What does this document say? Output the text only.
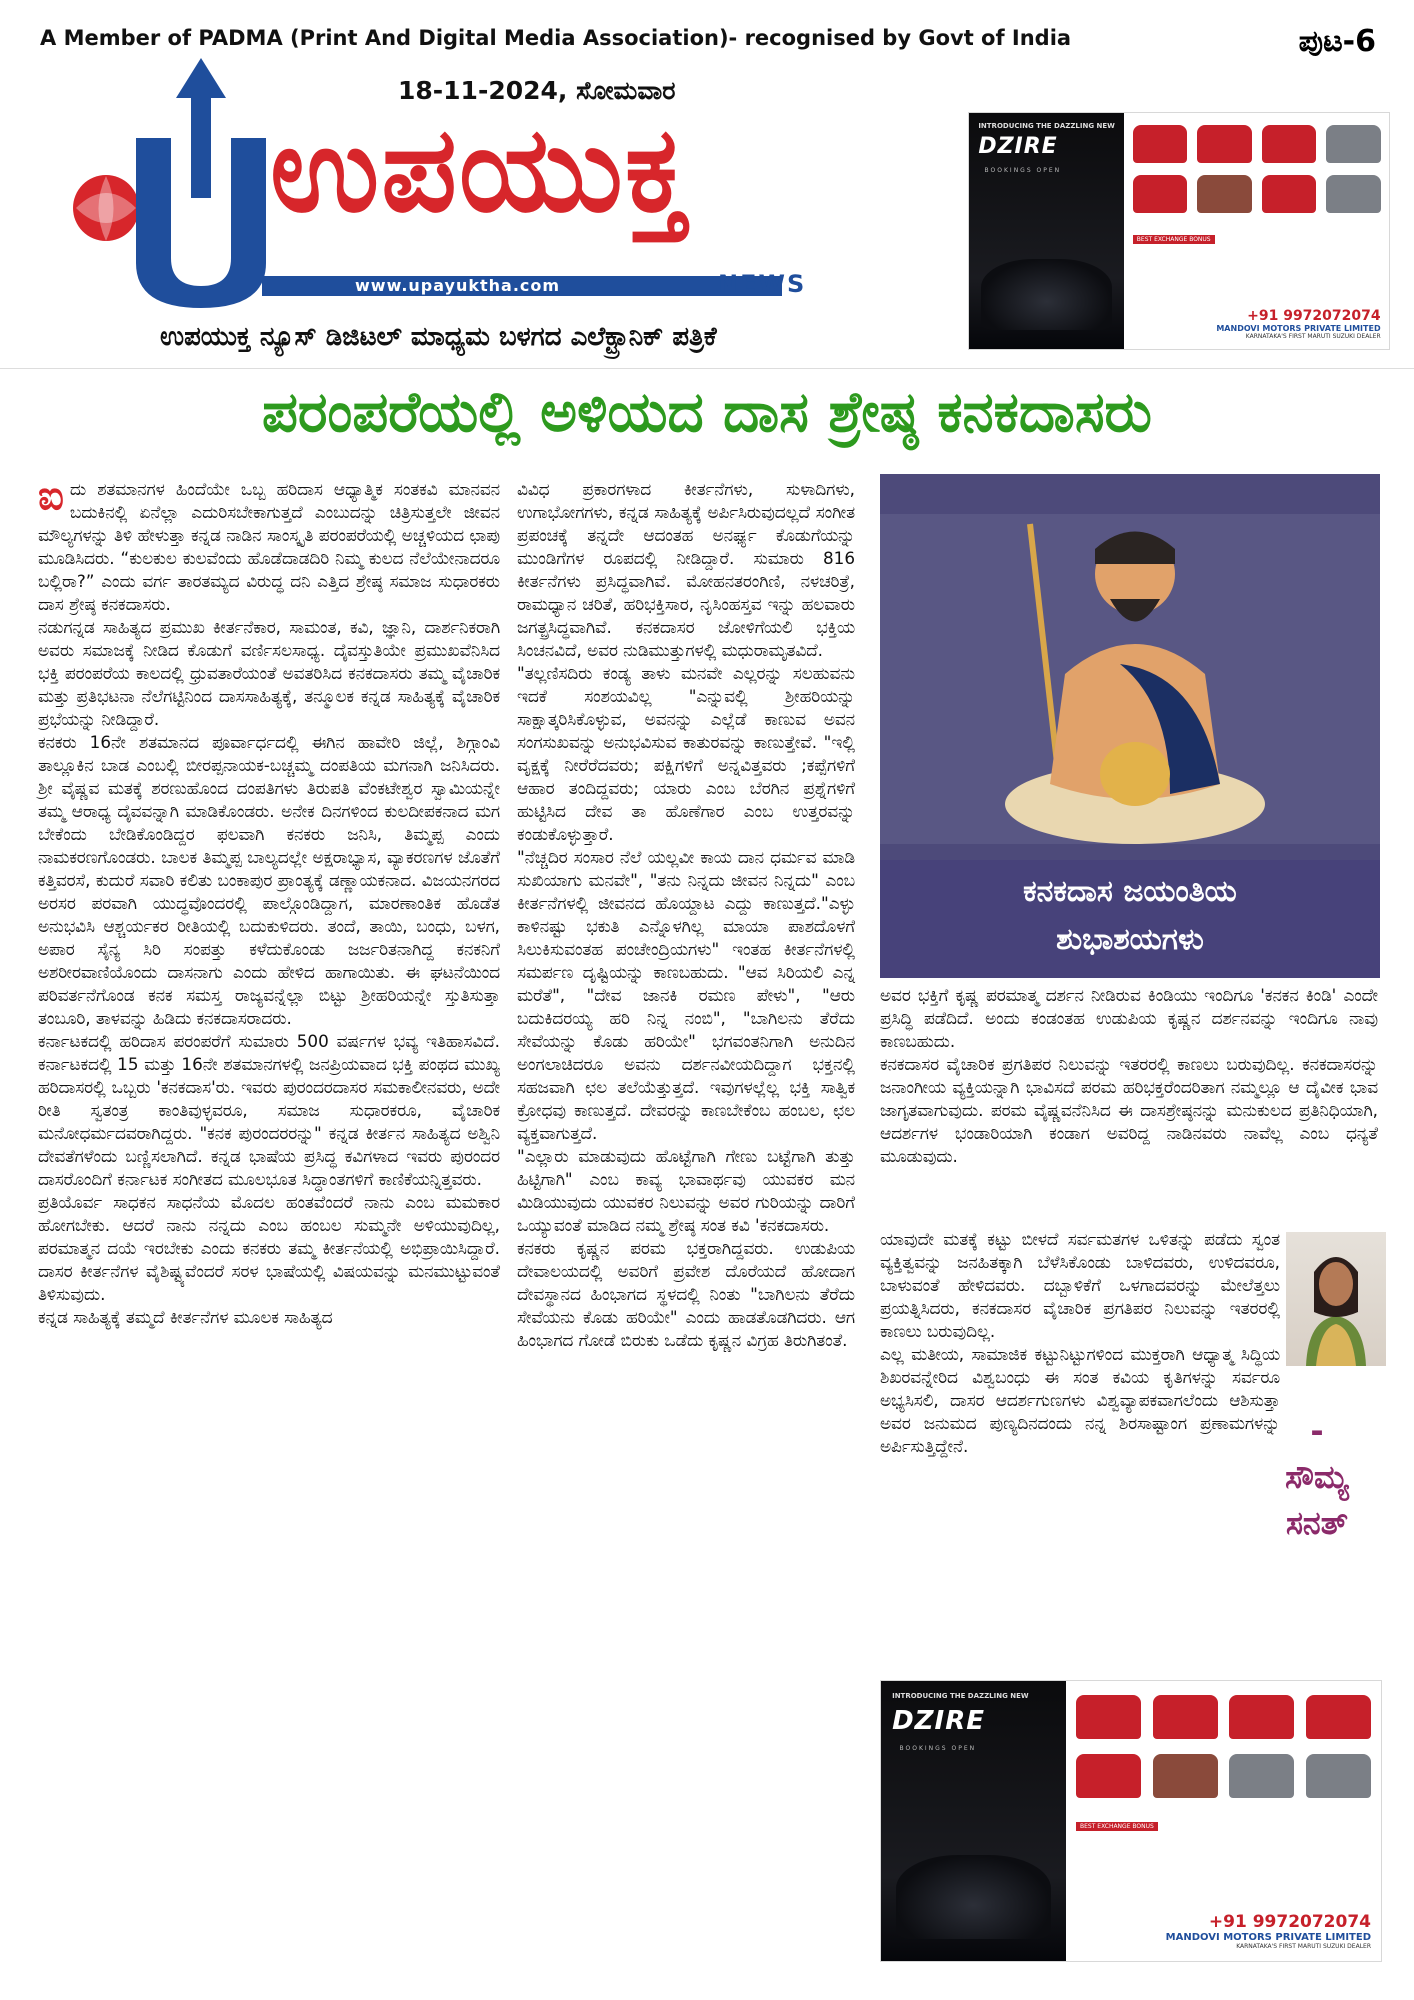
A Member of PADMA (Print And Digital Media Association)- recognised by Govt of India	ಪುಟ-6
18-11-2024, ಸೋಮವಾರ
ಉಪಯುಕ್ತ
www.upayuktha.com	NEWS
ಉಪಯುಕ್ತ ನ್ಯೂಸ್ ಡಿಜಿಟಲ್ ಮಾಧ್ಯಮ ಬಳಗದ ಎಲೆಕ್ಟ್ರಾನಿಕ್ ಪತ್ರಿಕೆ
INTRODUCING THE DAZZLING NEW
DZIRE
BOOKINGS OPEN
BEST EXCHANGE BONUS
+91 9972072074
MANDOVI MOTORS PRIVATE LIMITED
KARNATAKA'S FIRST MARUTI SUZUKI DEALER
ಪರಂಪರೆಯಲ್ಲಿ ಅಳಿಯದ ದಾಸ ಶ್ರೇಷ್ಠ ಕನಕದಾಸರು

ಐದು ಶತಮಾನಗಳ ಹಿಂದೆಯೇ ಒಬ್ಬ ಹರಿದಾಸ ಆಧ್ಯಾತ್ಮಿಕ ಸಂತಕವಿ ಮಾನವನ ಬದುಕಿನಲ್ಲಿ ಏನೆಲ್ಲಾ ಎದುರಿಸಬೇಕಾಗುತ್ತದೆ ಎಂಬುದನ್ನು ಚಿತ್ರಿಸುತ್ತಲೇ ಜೀವನ ಮೌಲ್ಯಗಳನ್ನು ತಿಳಿ ಹೇಳುತ್ತಾ ಕನ್ನಡ ನಾಡಿನ ಸಾಂಸ್ಕೃತಿ ಪರಂಪರೆಯಲ್ಲಿ ಅಚ್ಚಳಿಯದ ಛಾಪು ಮೂಡಿಸಿದರು. “ಕುಲಕುಲ ಕುಲವೆಂದು ಹೊಡೆದಾಡದಿರಿ ನಿಮ್ಮ ಕುಲದ ನೆಲೆಯೇನಾದರೂ ಬಲ್ಲಿರಾ?” ಎಂದು ವರ್ಗ ತಾರತಮ್ಯದ ವಿರುದ್ಧ ದನಿ ಎತ್ತಿದ ಶ್ರೇಷ್ಠ ಸಮಾಜ ಸುಧಾರಕರು ದಾಸ ಶ್ರೇಷ್ಠ ಕನಕದಾಸರು.

ನಡುಗನ್ನಡ ಸಾಹಿತ್ಯದ ಪ್ರಮುಖ ಕೀರ್ತನೆಕಾರ, ಸಾಮಂತ, ಕವಿ, ಜ್ಞಾನಿ, ದಾರ್ಶನಿಕರಾಗಿ ಅವರು ಸಮಾಜಕ್ಕೆ ನೀಡಿದ ಕೊಡುಗೆ ವರ್ಣಿಸಲಸಾಧ್ಯ. ದೈವಸ್ತುತಿಯೇ ಪ್ರಮುಖವೆನಿಸಿದ ಭಕ್ತಿ ಪರಂಪರೆಯ ಕಾಲದಲ್ಲಿ ಧ್ರುವತಾರೆಯಂತೆ ಅವತರಿಸಿದ ಕನಕದಾಸರು ತಮ್ಮ ವೈಚಾರಿಕ ಮತ್ತು ಪ್ರತಿಭಟನಾ ನೆಲೆಗಟ್ಟಿನಿಂದ ದಾಸಸಾಹಿತ್ಯಕ್ಕೆ, ತನ್ಮೂಲಕ ಕನ್ನಡ ಸಾಹಿತ್ಯಕ್ಕೆ ವೈಚಾರಿಕ ಪ್ರಭೆಯನ್ನು ನೀಡಿದ್ದಾರೆ.

ಕನಕರು 16ನೇ ಶತಮಾನದ ಪೂರ್ವಾರ್ಧದಲ್ಲಿ ಈಗಿನ ಹಾವೇರಿ ಜಿಲ್ಲೆ, ಶಿಗ್ಗಾಂವಿ ತಾಲ್ಲೂಕಿನ ಬಾಡ ಎಂಬಲ್ಲಿ ಬೀರಪ್ಪನಾಯಕ-ಬಚ್ಚಮ್ಮ ದಂಪತಿಯ ಮಗನಾಗಿ ಜನಿಸಿದರು. ಶ್ರೀ ವೈಷ್ಣವ ಮತಕ್ಕೆ ಶರಣುಹೊಂದ ದಂಪತಿಗಳು ತಿರುಪತಿ ವೆಂಕಟೇಶ್ವರ ಸ್ವಾಮಿಯನ್ನೇ ತಮ್ಮ ಆರಾಧ್ಯ ದೈವವನ್ನಾಗಿ ಮಾಡಿಕೊಂಡರು. ಅನೇಕ ದಿನಗಳಿಂದ ಕುಲದೀಪಕನಾದ ಮಗ ಬೇಕೆಂದು ಬೇಡಿಕೊಂಡಿದ್ದರ ಫಲವಾಗಿ ಕನಕರು ಜನಿಸಿ, ತಿಮ್ಮಪ್ಪ ಎಂದು ನಾಮಕರಣಗೊಂಡರು. ಬಾಲಕ ತಿಮ್ಮಪ್ಪ ಬಾಲ್ಯದಲ್ಲೇ ಅಕ್ಷರಾಭ್ಯಾಸ, ವ್ಯಾಕರಣಗಳ ಜೊತೆಗೆ ಕತ್ತಿವರಸೆ, ಕುದುರೆ ಸವಾರಿ ಕಲಿತು ಬಂಕಾಪುರ ಪ್ರಾಂತ್ಯಕ್ಕೆ ಡಣ್ಣಾಯಕನಾದ. ವಿಜಯನಗರದ ಅರಸರ ಪರವಾಗಿ ಯುದ್ಧವೊಂದರಲ್ಲಿ ಪಾಲ್ಗೊಂಡಿದ್ದಾಗ, ಮಾರಣಾಂತಿಕ ಹೊಡೆತ ಅನುಭವಿಸಿ ಆಶ್ಚರ್ಯಕರ ರೀತಿಯಲ್ಲಿ ಬದುಕುಳಿದರು. ತಂದೆ, ತಾಯಿ, ಬಂಧು, ಬಳಗ, ಅಪಾರ ಸೈನ್ಯ ಸಿರಿ ಸಂಪತ್ತು ಕಳೆದುಕೊಂಡು ಜರ್ಜರಿತನಾಗಿದ್ದ ಕನಕನಿಗೆ ಅಶರೀರವಾಣಿಯೊಂದು ದಾಸನಾಗು ಎಂದು ಹೇಳಿದ ಹಾಗಾಯಿತು. ಈ ಘಟನೆಯಿಂದ ಪರಿವರ್ತನೆಗೊಂಡ ಕನಕ ಸಮಸ್ತ ರಾಜ್ಯವನ್ನೆಲ್ಲಾ ಬಿಟ್ಟು ಶ್ರೀಹರಿಯನ್ನೇ ಸ್ತುತಿಸುತ್ತಾ ತಂಬೂರಿ, ತಾಳವನ್ನು ಹಿಡಿದು ಕನಕದಾಸರಾದರು.

ಕರ್ನಾಟಕದಲ್ಲಿ ಹರಿದಾಸ ಪರಂಪರೆಗೆ ಸುಮಾರು 500 ವರ್ಷಗಳ ಭವ್ಯ ಇತಿಹಾಸವಿದೆ. ಕರ್ನಾಟಕದಲ್ಲಿ 15 ಮತ್ತು 16ನೇ ಶತಮಾನಗಳಲ್ಲಿ ಜನಪ್ರಿಯವಾದ ಭಕ್ತಿ ಪಂಥದ ಮುಖ್ಯ ಹರಿದಾಸರಲ್ಲಿ ಒಬ್ಬರು 'ಕನಕದಾಸ'ರು. ಇವರು ಪುರಂದರದಾಸರ ಸಮಕಾಲೀನವರು, ಅದೇ ರೀತಿ ಸ್ವತಂತ್ರ ಕಾಂತಿವುಳ್ಳವರೂ, ಸಮಾಜ ಸುಧಾರಕರೂ, ವೈಚಾರಿಕ ಮನೋಧರ್ಮದವರಾಗಿದ್ದರು. "ಕನಕ ಪುರಂದರರನ್ನು" ಕನ್ನಡ ಕೀರ್ತನ ಸಾಹಿತ್ಯದ ಅಶ್ವಿನಿ ದೇವತೆಗಳೆಂದು ಬಣ್ಣಿಸಲಾಗಿದೆ. ಕನ್ನಡ ಭಾಷೆಯ ಪ್ರಸಿದ್ಧ ಕವಿಗಳಾದ ಇವರು ಪುರಂದರ ದಾಸರೊಂದಿಗೆ ಕರ್ನಾಟಕ ಸಂಗೀತದ ಮೂಲಭೂತ ಸಿದ್ಧಾಂತಗಳಿಗೆ ಕಾಣಿಕೆಯನ್ನಿತ್ತವರು.

ಪ್ರತಿಯೊರ್ವ ಸಾಧಕನ ಸಾಧನೆಯ ಮೊದಲ ಹಂತವೆಂದರೆ ನಾನು ಎಂಬ ಮಮಕಾರ ಹೋಗಬೇಕು. ಆದರೆ ನಾನು ನನ್ನದು ಎಂಬ ಹಂಬಲ ಸುಮ್ಮನೇ ಅಳಿಯುವುದಿಲ್ಲ, ಪರಮಾತ್ಮನ ದಯೆ ಇರಬೇಕು ಎಂದು ಕನಕರು ತಮ್ಮ ಕೀರ್ತನೆಯಲ್ಲಿ ಅಭಿಪ್ರಾಯಿಸಿದ್ದಾರೆ. ದಾಸರ ಕೀರ್ತನೆಗಳ ವೈಶಿಷ್ಟ್ಯವೆಂದರೆ ಸರಳ ಭಾಷೆಯಲ್ಲಿ ವಿಷಯವನ್ನು ಮನಮುಟ್ಟುವಂತೆ ತಿಳಿಸುವುದು.

ಕನ್ನಡ ಸಾಹಿತ್ಯಕ್ಕೆ ತಮ್ಮದೆ ಕೀರ್ತನೆಗಳ ಮೂಲಕ ಸಾಹಿತ್ಯದ

ವಿವಿಧ ಪ್ರಕಾರಗಳಾದ ಕೀರ್ತನೆಗಳು, ಸುಳಾದಿಗಳು, ಉಗಾಭೋಗಗಳು, ಕನ್ನಡ ಸಾಹಿತ್ಯಕ್ಕೆ ಅರ್ಪಿಸಿರುವುದಲ್ಲದೆ ಸಂಗೀತ ಪ್ರಪಂಚಕ್ಕೆ ತನ್ನದೇ ಆದಂತಹ ಅನರ್ಘ್ಯ ಕೊಡುಗೆಯನ್ನು ಮುಂಡಿಗೆಗಳ ರೂಪದಲ್ಲಿ ನೀಡಿದ್ದಾರೆ. ಸುಮಾರು 816 ಕೀರ್ತನೆಗಳು ಪ್ರಸಿದ್ಧವಾಗಿವೆ. ಮೋಹನತರಂಗಿಣಿ, ನಳಚರಿತ್ರೆ, ರಾಮಧ್ಯಾನ ಚರಿತೆ, ಹರಿಭಕ್ತಿಸಾರ, ನೃಸಿಂಹಸ್ತವ ಇನ್ನು ಹಲವಾರು ಜಗತ್ಪ್ರಸಿದ್ಧವಾಗಿವೆ. ಕನಕದಾಸರ ಜೋಳಿಗೆಯಲಿ ಭಕ್ತಿಯ ಸಿಂಚನವಿದೆ, ಅವರ ನುಡಿಮುತ್ತುಗಳಲ್ಲಿ ಮಧುರಾಮೃತವಿದೆ.

"ತಲ್ಲಣಿಸದಿರು ಕಂಡ್ಯ ತಾಳು ಮನವೇ ಎಲ್ಲರನ್ನು ಸಲಹುವನು ಇದಕೆ ಸಂಶಯವಿಲ್ಲ "ಎನ್ನುವಲ್ಲಿ ಶ್ರೀಹರಿಯನ್ನು ಸಾಕ್ಷಾತ್ಕರಿಸಿಕೊಳ್ಳುವ, ಅವನನ್ನು ಎಲ್ಲೆಡೆ ಕಾಣುವ ಅವನ ಸಂಗಸುಖವನ್ನು ಅನುಭವಿಸುವ ಕಾತುರವನ್ನು ಕಾಣುತ್ತೇವೆ. "ಇಲ್ಲಿ ವೃಕ್ಷಕ್ಕೆ ನೀರೆರೆದವರು; ಪಕ್ಷಿಗಳಿಗೆ ಅನ್ನವಿತ್ತವರು ;ಕಪ್ಪೆಗಳಿಗೆ ಆಹಾರ ತಂದಿದ್ದವರು; ಯಾರು ಎಂಬ ಬೆರಗಿನ ಪ್ರಶ್ನೆಗಳಿಗೆ ಹುಟ್ಟಿಸಿದ ದೇವ ತಾ ಹೊಣೆಗಾರ ಎಂಬ ಉತ್ತರವನ್ನು ಕಂಡುಕೊಳ್ಳುತ್ತಾರೆ.

"ನೆಚ್ಚದಿರ ಸಂಸಾರ ನೆಲೆ ಯಲ್ಲವೀ ಕಾಯ ದಾನ ಧರ್ಮವ ಮಾಡಿ ಸುಖಿಯಾಗು ಮನವೇ", "ತನು ನಿನ್ನದು ಜೀವನ ನಿನ್ನದು" ಎಂಬ ಕೀರ್ತನೆಗಳಲ್ಲಿ ಜೀವನದ ಹೊಯ್ದಾಟ ಎದ್ದು ಕಾಣುತ್ತದೆ."ಎಳ್ಳು ಕಾಳಿನಷ್ಟು ಭಕುತಿ ಎನ್ನೊಳಗಿಲ್ಲ ಮಾಯಾ ಪಾಶದೊಳಗೆ ಸಿಲುಕಿಸುವಂತಹ ಪಂಚೇಂದ್ರಿಯಗಳು" ಇಂತಹ ಕೀರ್ತನೆಗಳಲ್ಲಿ ಸಮರ್ಪಣ ದೃಷ್ಟಿಯನ್ನು ಕಾಣಬಹುದು. "ಆವ ಸಿರಿಯಲಿ ಎನ್ನ ಮರೆತೆ", "ದೇವ ಜಾನಕಿ ರಮಣ ಪೇಳು", "ಆರು ಬದುಕಿದರಯ್ಯ ಹರಿ ನಿನ್ನ ನಂಬಿ", "ಬಾಗಿಲನು ತೆರೆದು ಸೇವೆಯನ್ನು ಕೊಡು ಹರಿಯೇ" ಭಗವಂತನಿಗಾಗಿ ಅನುದಿನ ಅಂಗಲಾಚಿದರೂ ಅವನು ದರ್ಶನವೀಯದಿದ್ದಾಗ ಭಕ್ತನಲ್ಲಿ ಸಹಜವಾಗಿ ಛಲ ತಲೆಯೆತ್ತುತ್ತದೆ. ಇವುಗಳಲ್ಲೆಲ್ಲ ಭಕ್ತಿ ಸಾತ್ವಿಕ ಕ್ರೋಧವು ಕಾಣುತ್ತದೆ. ದೇವರನ್ನು ಕಾಣಬೇಕೆಂಬ ಹಂಬಲ, ಛಲ ವ್ಯಕ್ತವಾಗುತ್ತದೆ.

"ಎಲ್ಲಾರು ಮಾಡುವುದು ಹೊಟ್ಟೆಗಾಗಿ ಗೇಣು ಬಟ್ಟೆಗಾಗಿ ತುತ್ತು ಹಿಟ್ಟಿಗಾಗಿ" ಎಂಬ ಕಾವ್ಯ ಭಾವಾರ್ಥವು ಯುವಕರ ಮನ ಮಿಡಿಯುವುದು ಯುವಕರ ನಿಲುವನ್ನು ಅವರ ಗುರಿಯನ್ನು ದಾರಿಗೆ ಒಯ್ಯುವಂತೆ ಮಾಡಿದ ನಮ್ಮ ಶ್ರೇಷ್ಠ ಸಂತ ಕವಿ 'ಕನಕದಾಸರು.

ಕನಕರು ಕೃಷ್ಣನ ಪರಮ ಭಕ್ತರಾಗಿದ್ದವರು. ಉಡುಪಿಯ ದೇವಾಲಯದಲ್ಲಿ ಅವರಿಗೆ ಪ್ರವೇಶ ದೊರೆಯದೆ ಹೋದಾಗ ದೇವಸ್ಥಾನದ ಹಿಂಭಾಗದ ಸ್ಥಳದಲ್ಲಿ ನಿಂತು "ಬಾಗಿಲನು ತೆರೆದು ಸೇವೆಯನು ಕೊಡು ಹರಿಯೇ" ಎಂದು ಹಾಡತೊಡಗಿದರು. ಆಗ ಹಿಂಭಾಗದ ಗೋಡೆ ಬಿರುಕು ಒಡೆದು ಕೃಷ್ಣನ ವಿಗ್ರಹ ತಿರುಗಿತಂತೆ.

ಕನಕದಾಸ ಜಯಂತಿಯ
ಶುಭಾಶಯಗಳು

ಅವರ ಭಕ್ತಿಗೆ ಕೃಷ್ಣ ಪರಮಾತ್ಮ ದರ್ಶನ ನೀಡಿರುವ ಕಿಂಡಿಯು ಇಂದಿಗೂ 'ಕನಕನ ಕಿಂಡಿ' ಎಂದೇ ಪ್ರಸಿದ್ಧಿ ಪಡೆದಿದೆ. ಅಂದು ಕಂಡಂತಹ ಉಡುಪಿಯ ಕೃಷ್ಣನ ದರ್ಶನವನ್ನು ಇಂದಿಗೂ ನಾವು ಕಾಣಬಹುದು.

ಕನಕದಾಸರ ವೈಚಾರಿಕ ಪ್ರಗತಿಪರ ನಿಲುವನ್ನು ಇತರರಲ್ಲಿ ಕಾಣಲು ಬರುವುದಿಲ್ಲ. ಕನಕದಾಸರನ್ನು ಜನಾಂಗೀಯ ವ್ಯಕ್ತಿಯನ್ನಾಗಿ ಭಾವಿಸದೆ ಪರಮ ಹರಿಭಕ್ತರೆಂದರಿತಾಗ ನಮ್ಮಲ್ಲೂ ಆ ದೈವೀಕ ಭಾವ ಜಾಗೃತವಾಗುವುದು. ಪರಮ ವೈಷ್ಣವನೆನಿಸಿದ ಈ ದಾಸಶ್ರೇಷ್ಠನನ್ನು ಮನುಕುಲದ ಪ್ರತಿನಿಧಿಯಾಗಿ, ಆದರ್ಶಗಳ ಭಂಡಾರಿಯಾಗಿ ಕಂಡಾಗ ಅವರಿದ್ದ ನಾಡಿನವರು ನಾವೆಲ್ಲ ಎಂಬ ಧನ್ಯತೆ ಮೂಡುವುದು.

ಯಾವುದೇ ಮತಕ್ಕೆ ಕಟ್ಟು ಬೀಳದೆ ಸರ್ವಮತಗಳ ಒಳಿತನ್ನು ಪಡೆದು ಸ್ವಂತ ವ್ಯಕ್ತಿತ್ವವನ್ನು ಜನಹಿತಕ್ಕಾಗಿ ಬೆಳೆಸಿಕೊಂಡು ಬಾಳಿದವರು, ಉಳಿದವರೂ, ಬಾಳುವಂತೆ ಹೇಳಿದವರು. ದಬ್ಬಾಳಿಕೆಗೆ ಒಳಗಾದವರನ್ನು ಮೇಲೆತ್ತಲು ಪ್ರಯತ್ನಿಸಿದರು, ಕನಕದಾಸರ ವೈಚಾರಿಕ ಪ್ರಗತಿಪರ ನಿಲುವನ್ನು ಇತರರಲ್ಲಿ ಕಾಣಲು ಬರುವುದಿಲ್ಲ.

ಎಲ್ಲ ಮತೀಯ, ಸಾಮಾಜಿಕ ಕಟ್ಟುನಿಟ್ಟುಗಳಿಂದ ಮುಕ್ತರಾಗಿ ಆಧ್ಯಾತ್ಮ ಸಿದ್ಧಿಯ ಶಿಖರವನ್ನೇರಿದ ವಿಶ್ವಬಂಧು ಈ ಸಂತ ಕವಿಯ ಕೃತಿಗಳನ್ನು ಸರ್ವರೂ ಅಭ್ಯಸಿಸಲಿ, ದಾಸರ ಆದರ್ಶಗುಣಗಳು ವಿಶ್ವವ್ಯಾಪಕವಾಗಲೆಂದು ಆಶಿಸುತ್ತಾ ಅವರ ಜನುಮದ ಪುಣ್ಯದಿನದಂದು ನನ್ನ ಶಿರಸಾಷ್ಟಾಂಗ ಪ್ರಣಾಮಗಳನ್ನು ಅರ್ಪಿಸುತ್ತಿದ್ದೇನೆ.	-
ಸೌಮ್ಯ
ಸನತ್
INTRODUCING THE DAZZLING NEW
DZIRE
BOOKINGS OPEN
BEST EXCHANGE BONUS
+91 9972072074
MANDOVI MOTORS PRIVATE LIMITED
KARNATAKA'S FIRST MARUTI SUZUKI DEALER
